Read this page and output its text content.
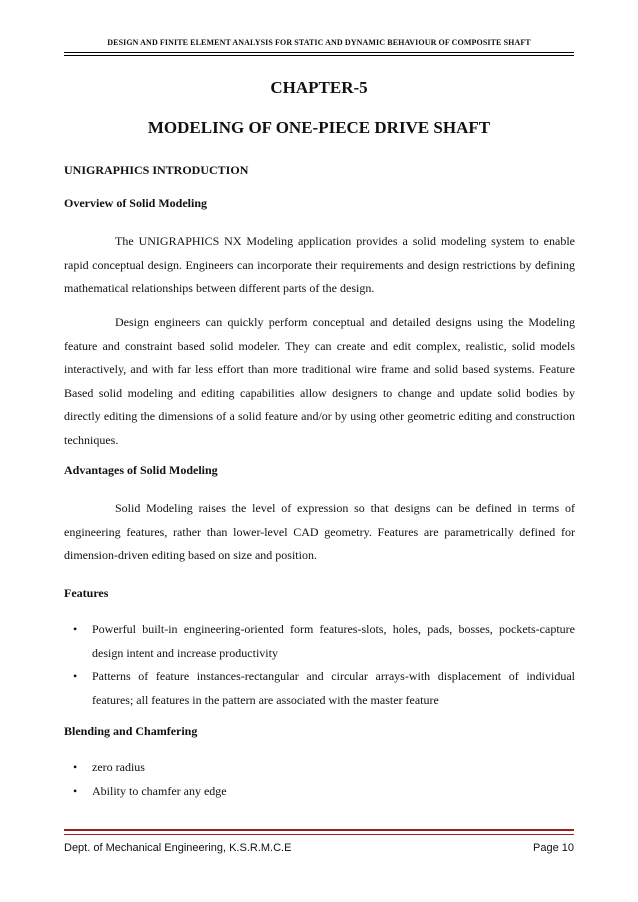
DESIGN AND FINITE ELEMENT ANALYSIS FOR STATIC AND DYNAMIC BEHAVIOUR OF COMPOSITE SHAFT
CHAPTER-5
MODELING OF ONE-PIECE DRIVE SHAFT
UNIGRAPHICS INTRODUCTION
Overview of Solid Modeling

The UNIGRAPHICS NX Modeling application provides a solid modeling system to enable rapid conceptual design. Engineers can incorporate their requirements and design restrictions by defining mathematical relationships between different parts of the design.

Design engineers can quickly perform conceptual and detailed designs using the Modeling feature and constraint based solid modeler. They can create and edit complex, realistic, solid models interactively, and with far less effort than more traditional wire frame and solid based systems. Feature Based solid modeling and editing capabilities allow designers to change and update solid bodies by directly editing the dimensions of a solid feature and/or by using other geometric editing and construction techniques.

Advantages of Solid Modeling

Solid Modeling raises the level of expression so that designs can be defined in terms of engineering features, rather than lower-level CAD geometry. Features are parametrically defined for dimension-driven editing based on size and position.

Features
• Powerful built-in engineering-oriented form features-slots, holes, pads, bosses, pockets-capture design intent and increase productivity
• Patterns of feature instances-rectangular and circular arrays-with displacement of individual features; all features in the pattern are associated with the master feature
Blending and Chamfering
• zero radius
• Ability to chamfer any edge
Dept. of Mechanical Engineering, K.S.R.M.C.E	Page 10
